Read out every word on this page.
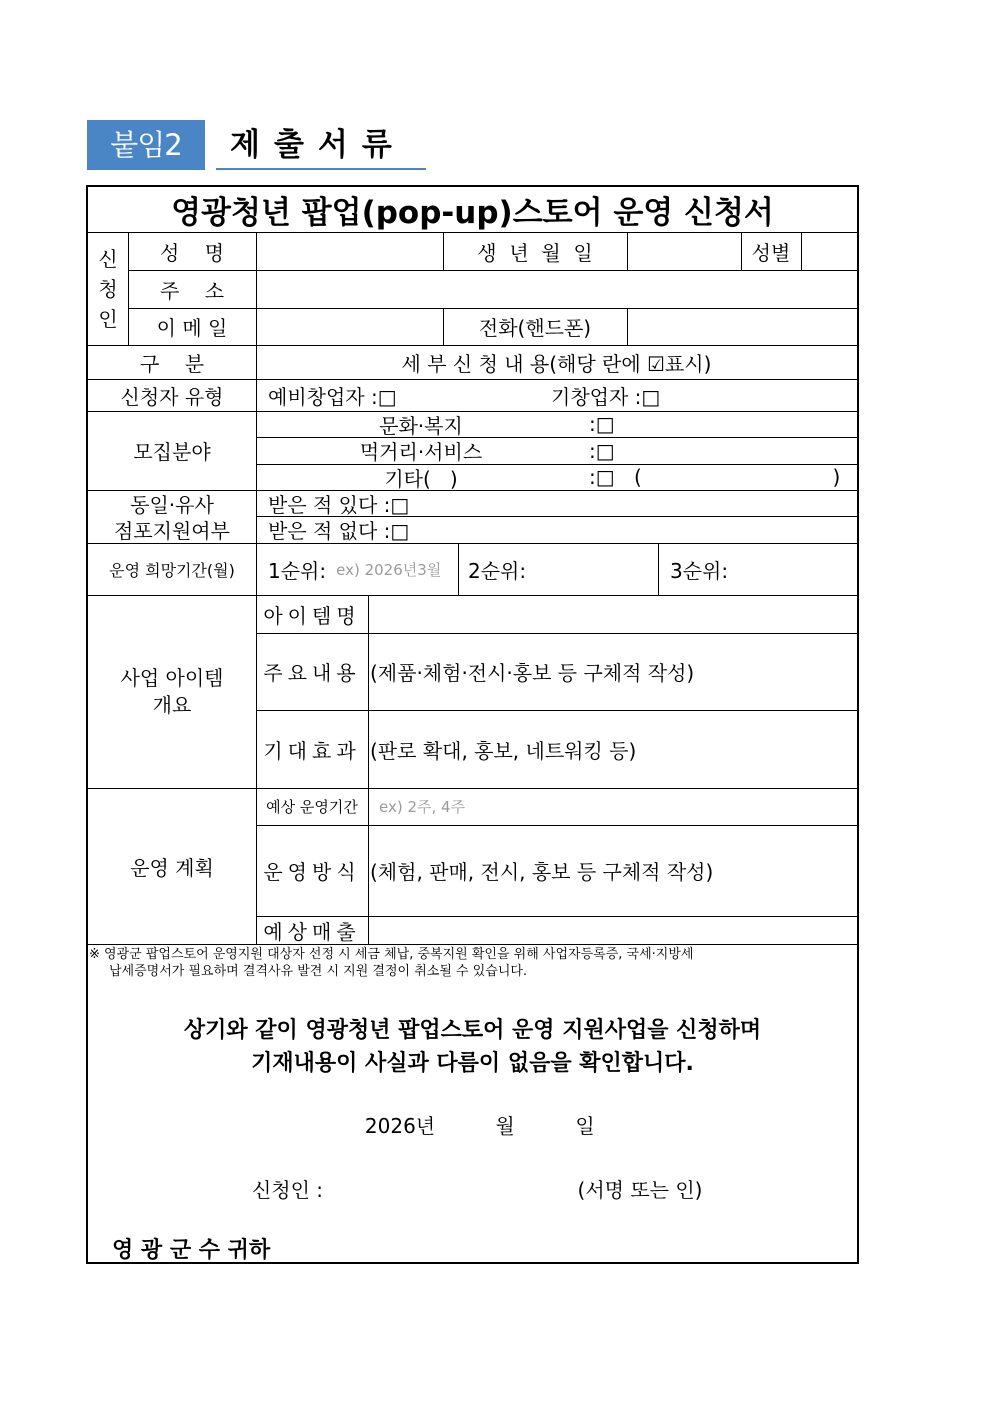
붙임2	제출서류
영광청년 팝업(pop-up)스토어 운영 신청서
신
청
인
성    명	생  년  월  일	성별
주    소
이 메 일	전화(핸드폰)
구    분	세 부 신 청 내 용(해당 란에 ☑표시)
신청자 유형	예비창업자 :□	기창업자 :□
모집분야
문화·복지	:□
먹거리·서비스	:□
기타(   )	:□ (                              )
동일·유사
점포지원여부
받은 적 있다 :□
받은 적 없다 :□
운영 희망기간(월)	1순위: ex) 2026년3월	2순위:	3순위:
사업 아이템
개요
아이템명
주요내용 (제품·체험·전시·홍보 등 구체적 작성)
기대효과 (판로 확대, 홍보, 네트워킹 등)
운영 계획
예상 운영기간	ex) 2주, 4주
운영방식 (체험, 판매, 전시, 홍보 등 구체적 작성)
예상매출
※ 영광군 팝업스토어 운영지원 대상자 선정 시 세금 체납, 중복지원 확인을 위해 사업자등록증, 국세·지방세
납세증명서가 필요하며 결격사유 발견 시 지원 결정이 취소될 수 있습니다.
상기와 같이 영광청년 팝업스토어 운영 지원사업을 신청하며
기재내용이 사실과 다름이 없음을 확인합니다.
2026년	월	일
신청인 :	(서명 또는 인)
영 광 군 수 귀하
